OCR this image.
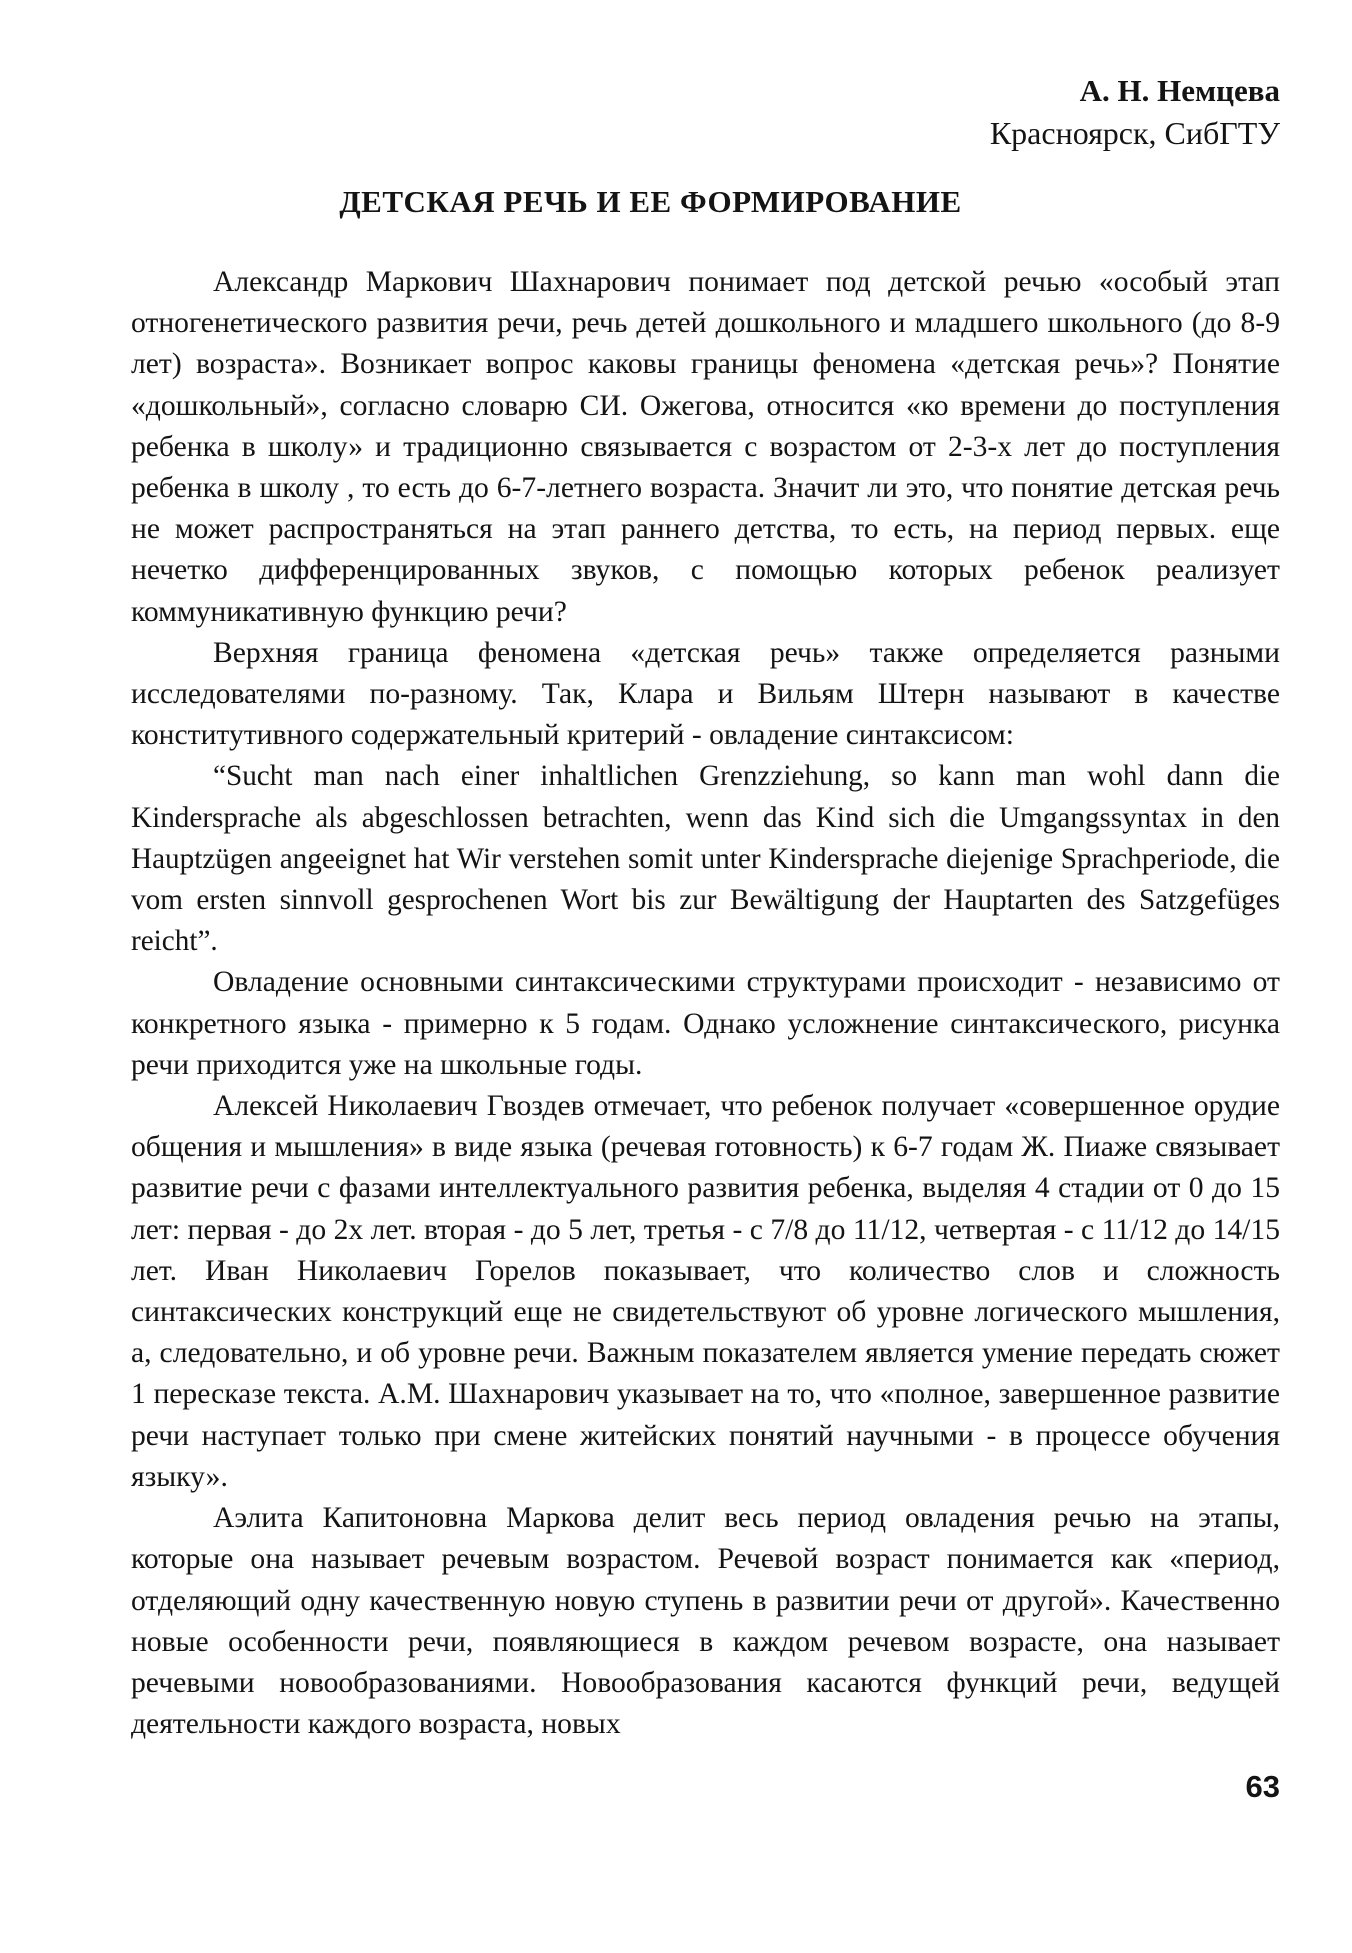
А. Н. Немцева
Красноярск, СибГТУ
ДЕТСКАЯ РЕЧЬ И ЕЕ ФОРМИРОВАНИЕ

Александр Маркович Шахнарович понимает под детской речью «особый этап отногенетического развития речи, речь детей дошкольного и младшего школьного (до 8-9 лет) возраста». Возникает вопрос каковы границы феномена «детская речь»? Понятие «дошкольный», согласно словарю СИ. Ожегова, относится «ко времени до поступления ребенка в школу» и традиционно связывается с возрастом от 2-3-х лет до поступления ребенка в школу , то есть до 6-7-летнего возраста. Значит ли это, что понятие детская речь не может распространяться на этап раннего детства, то есть, на период первых. еще нечетко дифференцированных звуков, с помощью которых ребенок реализует коммуникативную функцию речи?

Верхняя граница феномена «детская речь» также определяется разными исследователями по-разному. Так, Клара и Вильям Штерн называют в качестве конститутивного содержательный критерий - овладение синтаксисом:

“Sucht man nach einer inhaltlichen Grenzziehung, so kann man wohl dann die Kindersprache als abgeschlossen betrachten, wenn das Kind sich die Umgangssyntax in den Hauptzügen angeeignet hat Wir verstehen somit unter Kindersprache diejenige Sprachperiode, die vom ersten sinnvoll gesprochenen Wort bis zur Bewältigung der Hauptarten des Satzgefüges reicht”.

Овладение основными синтаксическими структурами происходит - независимо от конкретного языка - примерно к 5 годам. Однако усложнение синтаксического, рисунка речи приходится уже на школьные годы.

Алексей Николаевич Гвоздев отмечает, что ребенок получает «совершенное орудие общения и мышления» в виде языка (речевая готовность) к 6-7 годам Ж. Пиаже связывает развитие речи с фазами интеллектуального развития ребенка, выделяя 4 стадии от 0 до 15 лет: первая - до 2х лет. вторая - до 5 лет, третья - с 7/8 до 11/12, четвертая - с 11/12 до 14/15 лет. Иван Николаевич Горелов показывает, что количество слов и сложность синтаксических конструкций еще не свидетельствуют об уровне логического мышления, а, следовательно, и об уровне речи. Важным показателем является умение передать сюжет 1 пересказе текста. А.М. Шахнарович указывает на то, что «полное, завершенное развитие речи наступает только при смене житейских понятий научными - в процессе обучения языку».

Аэлита Капитоновна Маркова делит весь период овладения речью на этапы, которые она называет речевым возрастом. Речевой возраст понимается как «период, отделяющий одну качественную новую ступень в развитии речи от другой». Качественно новые особенности речи, появляющиеся в каждом речевом возрасте, она называет речевыми новообразованиями. Новообразования касаются функций речи, ведущей деятельности каждого возраста, новых

63
